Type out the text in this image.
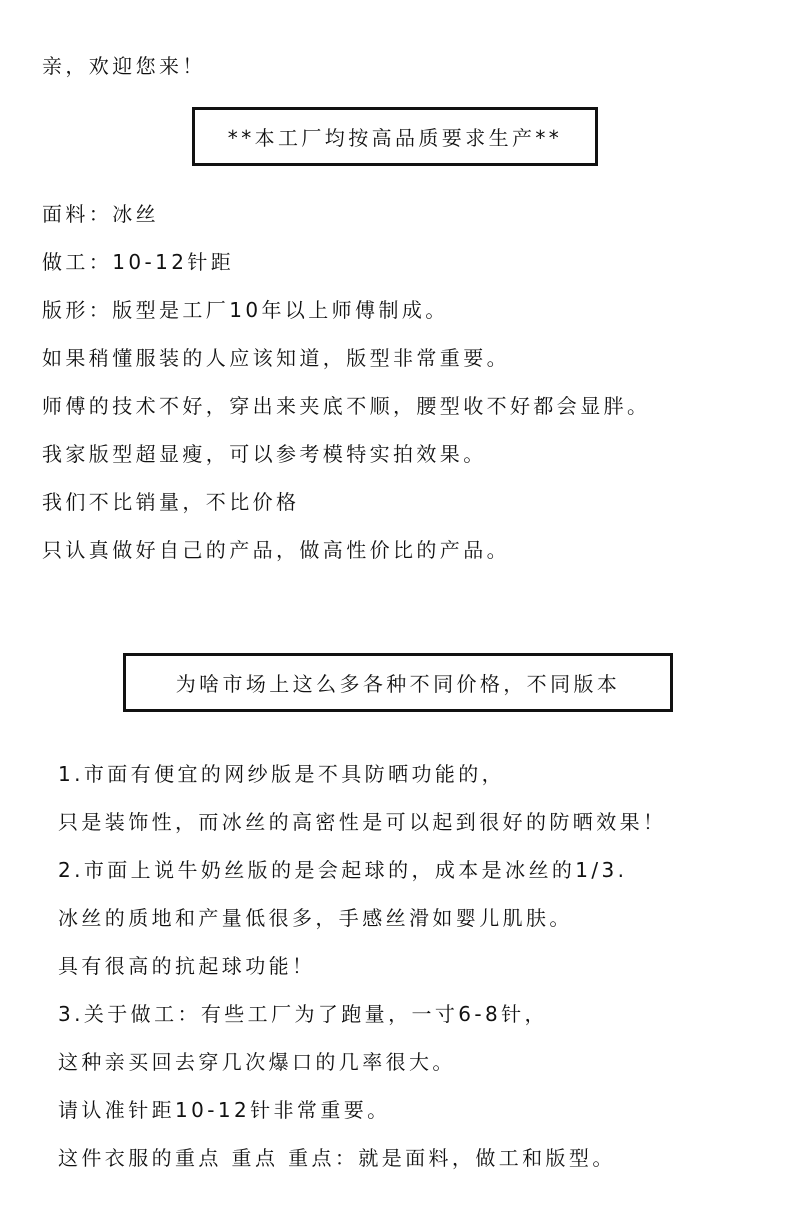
亲，欢迎您来！

**本工厂均按高品质要求生产**

面料：冰丝

做工：10-12针距

版形：版型是工厂10年以上师傅制成。

如果稍懂服装的人应该知道，版型非常重要。

师傅的技术不好，穿出来夹底不顺，腰型收不好都会显胖。

我家版型超显瘦，可以参考模特实拍效果。

我们不比销量，不比价格

只认真做好自己的产品，做高性价比的产品。

为啥市场上这么多各种不同价格，不同版本

1.市面有便宜的网纱版是不具防晒功能的，

只是装饰性，而冰丝的高密性是可以起到很好的防晒效果！

2.市面上说牛奶丝版的是会起球的，成本是冰丝的1/3.

冰丝的质地和产量低很多，手感丝滑如婴儿肌肤。

具有很高的抗起球功能！

3.关于做工：有些工厂为了跑量，一寸6-8针，

这种亲买回去穿几次爆口的几率很大。

请认准针距10-12针非常重要。

这件衣服的重点 重点 重点：就是面料，做工和版型。
